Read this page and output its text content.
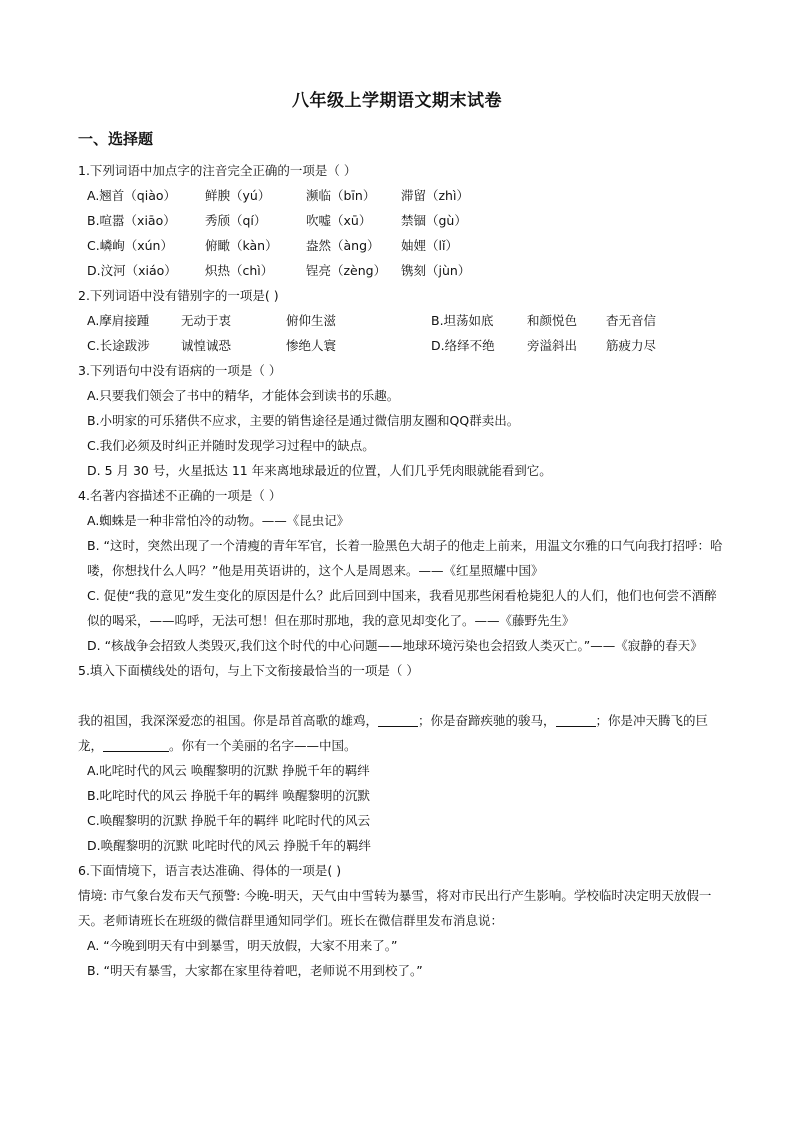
八年级上学期语文期末试卷
一、选择题
1.下列词语中加点字的注音完全正确的一项是（ ）
A.翘首（qiào）	鲜腴（yú）	濒临（bīn）	滞留（zhì）
B.喧嚣（xiāo）	秀颀（qí）	吹嘘（xū）	禁锢（gù）
C.嶙峋（xún）	俯瞰（kàn）	盎然（àng）	妯娌（lǐ）
D.汶河（xiáo）	炽热（chì）	锃亮（zèng）	镌刻（jùn）
2.下列词语中没有错别字的一项是( )
A.摩肩接踵	无动于衷	俯仰生滋	B.坦荡如底	和颜悦色	杳无音信
C.长途跋涉	诚惶诚恐	惨绝人寰	D.络绎不绝	旁溢斜出	筋疲力尽
3.下列语句中没有语病的一项是（ ）
A.只要我们领会了书中的精华，才能体会到读书的乐趣。
B.小明家的可乐猪供不应求，主要的销售途径是通过微信朋友圈和QQ群卖出。
C.我们必须及时纠正并随时发现学习过程中的缺点。
D. 5 月 30 号，火星抵达 11 年来离地球最近的位置，人们几乎凭肉眼就能看到它。
4.名著内容描述不正确的一项是（ ）
A.蜘蛛是一种非常怕冷的动物。——《昆虫记》
B. “这时，突然出现了一个清瘦的青年军官，长着一脸黑色大胡子的他走上前来，用温文尔雅的口气向我打招呼：哈喽，你想找什么人吗？”他是用英语讲的，这个人是周恩来。——《红星照耀中国》
C. 促使“我的意见”发生变化的原因是什么？此后回到中国来，我看见那些闲看枪毙犯人的人们，他们也何尝不酒醉似的喝采，——呜呼，无法可想！但在那时那地，我的意见却变化了。——《藤野先生》
D. “核战争会招致人类毁灭,我们这个时代的中心问题——地球环境污染也会招致人类灭亡。”——《寂静的春天》
5.填入下面横线处的语句，与上下文衔接最恰当的一项是（ ）
我的祖国，我深深爱恋的祖国。你是昂首高歌的雄鸡，	；你是奋蹄疾驰的骏马，	；你是冲天腾飞的巨龙，	。你有一个美丽的名字——中国。
A.叱咤时代的风云 唤醒黎明的沉默 挣脱千年的羁绊
B.叱咤时代的风云 挣脱千年的羁绊 唤醒黎明的沉默
C.唤醒黎明的沉默 挣脱千年的羁绊 叱咤时代的风云
D.唤醒黎明的沉默 叱咤时代的风云 挣脱千年的羁绊
6.下面情境下，语言表达准确、得体的一项是( )
情境: 市气象台发布天气预警: 今晚-明天，天气由中雪转为暴雪，将对市民出行产生影响。学校临时决定明天放假一天。老师请班长在班级的微信群里通知同学们。班长在微信群里发布消息说：
A. “今晚到明天有中到暴雪，明天放假，大家不用来了。”
B. “明天有暴雪，大家都在家里待着吧，老师说不用到校了。”
